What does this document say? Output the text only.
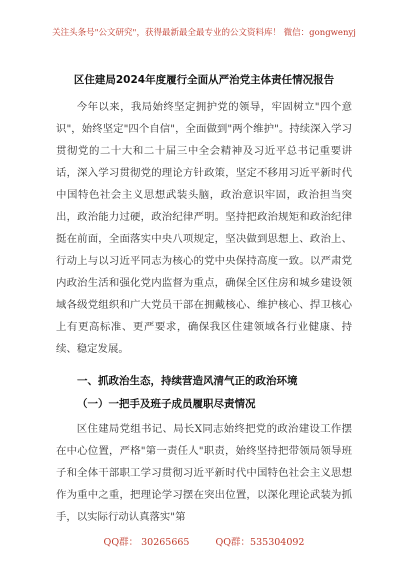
关注头条号"公文研究"，获得最新最全最专业的公文资料库！ 微信：gongwenyj
区住建局2024年度履行全面从严治党主体责任情况报告

今年以来，我局始终坚定拥护党的领导，牢固树立"四个意识"，始终坚定"四个自信"，全面做到"两个维护"。持续深入学习贯彻党的二十大和二十届三中全会精神及习近平总书记重要讲话，深入学习贯彻党的理论方针政策，坚定不移用习近平新时代中国特色社会主义思想武装头脑，政治意识牢固，政治担当突出，政治能力过硬，政治纪律严明。坚持把政治规矩和政治纪律挺在前面，全面落实中央八项规定，坚决做到思想上、政治上、行动上与以习近平同志为核心的党中央保持高度一致。以严肃党内政治生活和强化党内监督为重点，确保全区住房和城乡建设领域各级党组织和广大党员干部在拥戴核心、维护核心、捍卫核心上有更高标准、更严要求，确保我区住建领域各行业健康、持续、稳定发展。

一、抓政治生态，持续营造风清气正的政治环境
（一）一把手及班子成员履职尽责情况

区住建局党组书记、局长X同志始终把党的政治建设工作摆在中心位置，严格"第一责任人"职责，始终坚持把带领局领导班子和全体干部职工学习贯彻习近平新时代中国特色社会主义思想作为重中之重，把理论学习摆在突出位置，以深化理论武装为抓手，以实际行动认真落实"第

QQ群： 30265665	QQ群：535304092
